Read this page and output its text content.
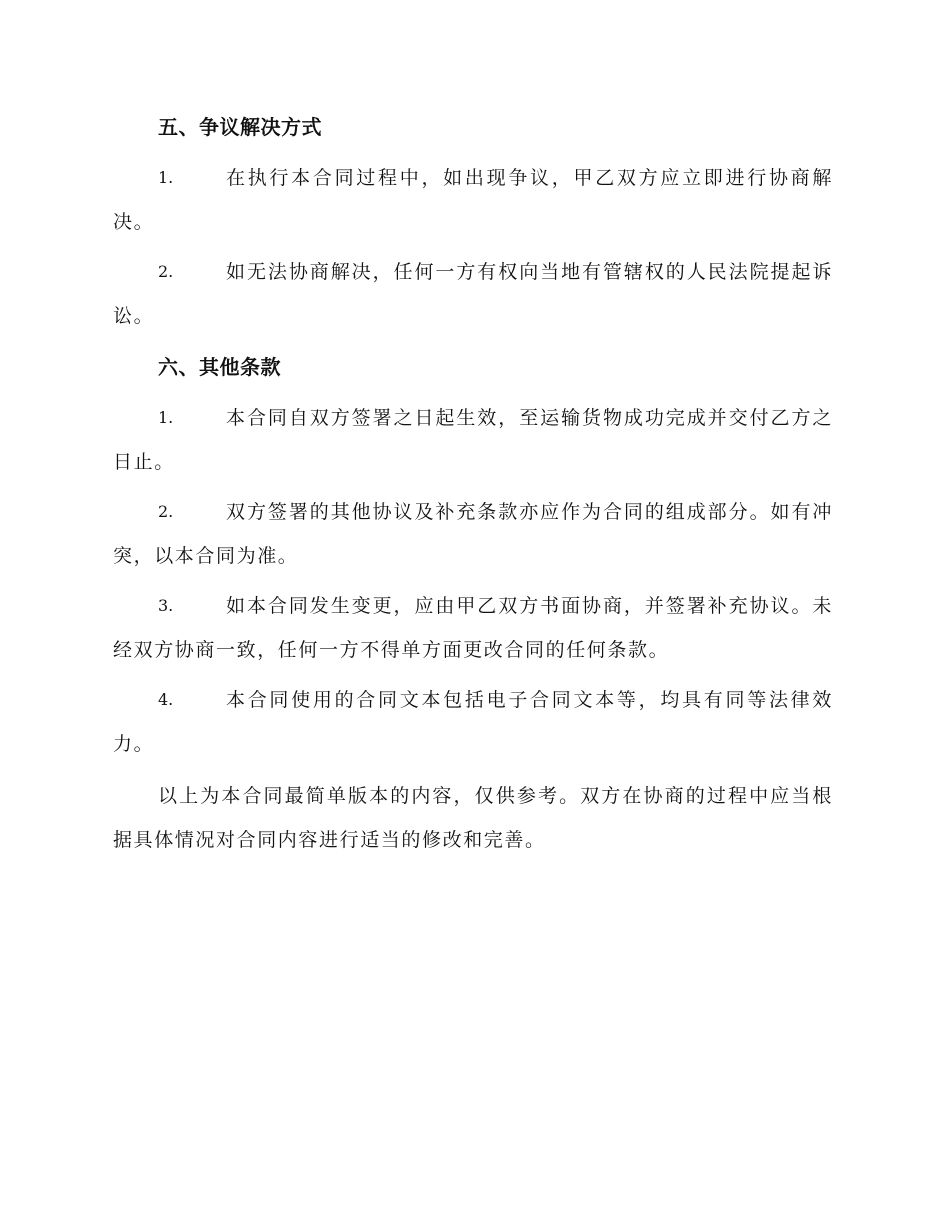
五、争议解决方式
1.	在执行本合同过程中，如出现争议，甲乙双方应立即进行协商解决。
2.	如无法协商解决，任何一方有权向当地有管辖权的人民法院提起诉讼。
六、其他条款
1.	本合同自双方签署之日起生效，至运输货物成功完成并交付乙方之日止。
2.	双方签署的其他协议及补充条款亦应作为合同的组成部分。如有冲突，以本合同为准。
3.	如本合同发生变更，应由甲乙双方书面协商，并签署补充协议。未经双方协商一致，任何一方不得单方面更改合同的任何条款。
4.	本合同使用的合同文本包括电子合同文本等，均具有同等法律效力。
以上为本合同最简单版本的内容，仅供参考。双方在协商的过程中应当根据具体情况对合同内容进行适当的修改和完善。
